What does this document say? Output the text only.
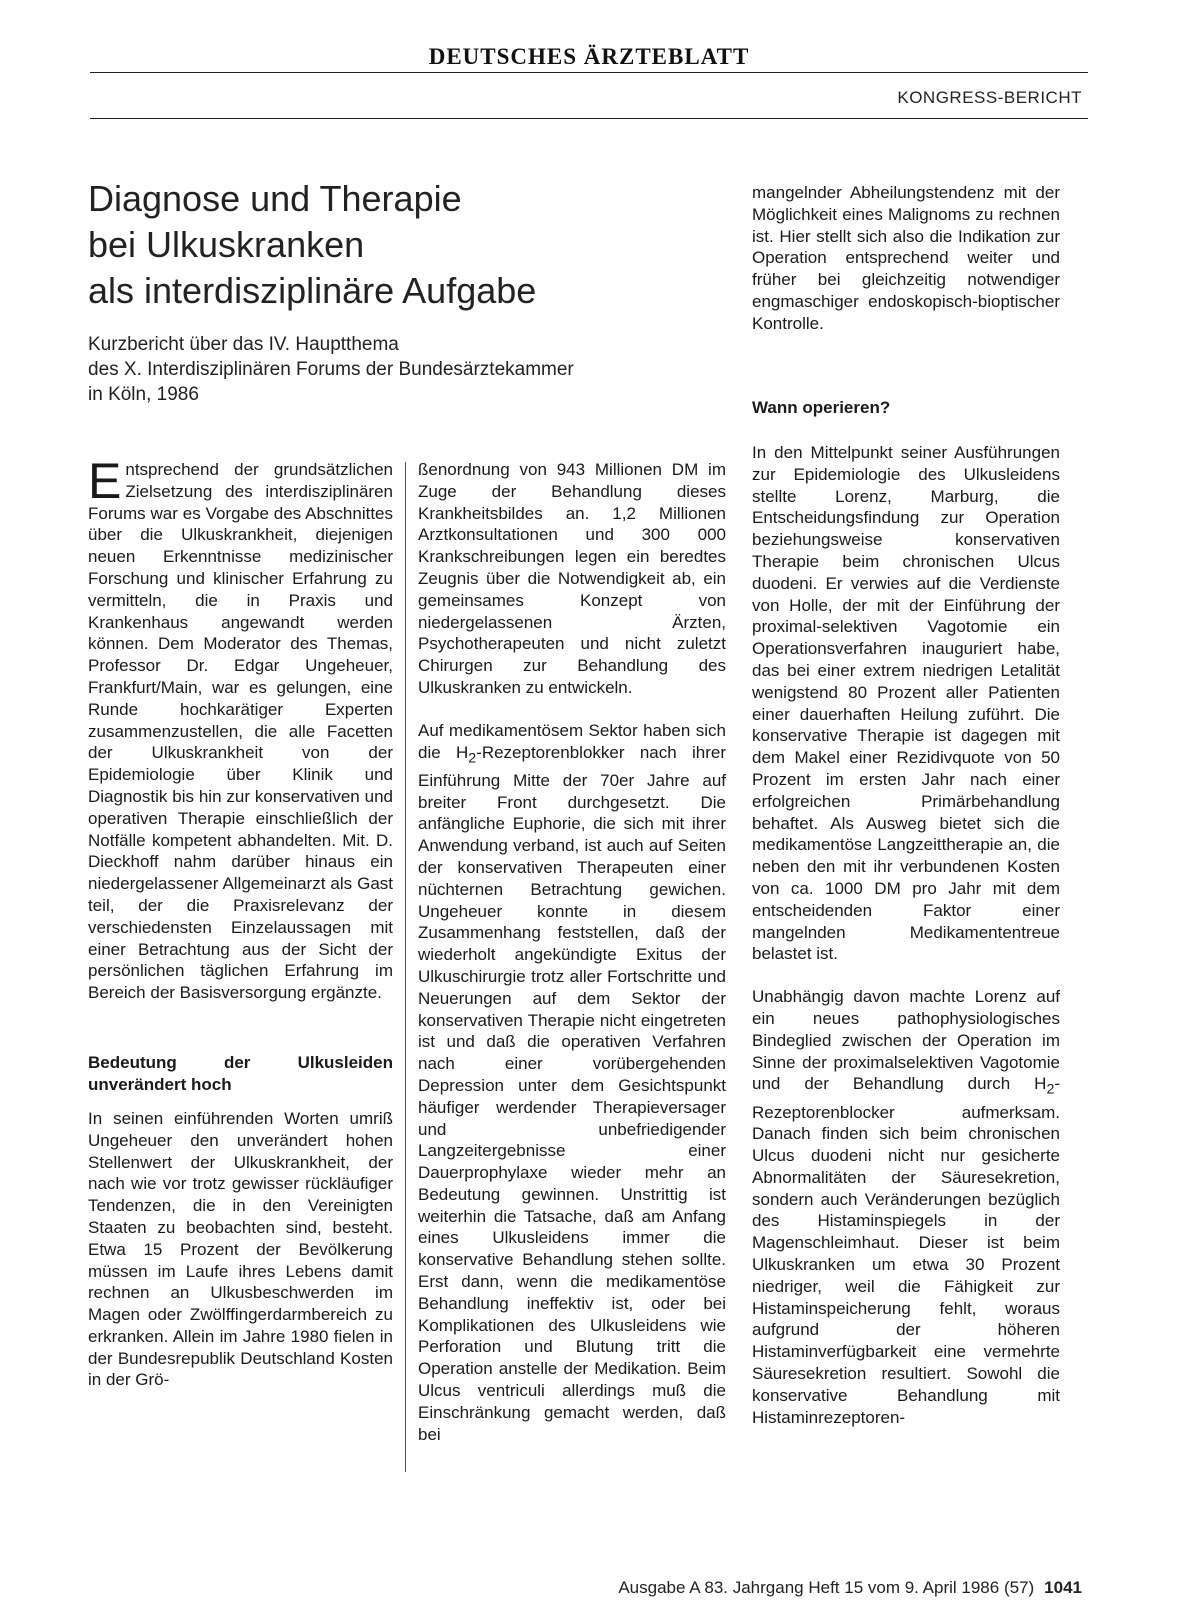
DEUTSCHES ÄRZTEBLATT
KONGRESS-BERICHT
Diagnose und Therapie
bei Ulkuskranken
als interdisziplinäre Aufgabe
Kurzbericht über das IV. Hauptthema
des X. Interdisziplinären Forums der Bundesärztekammer
in Köln, 1986

Entsprechend der grundsätzlichen Zielsetzung des interdisziplinären Forums war es Vorgabe des Abschnittes über die Ulkuskrankheit, diejenigen neuen Erkenntnisse medizinischer Forschung und klinischer Erfahrung zu vermitteln, die in Praxis und Krankenhaus angewandt werden können. Dem Moderator des Themas, Professor Dr. Edgar Ungeheuer, Frankfurt/Main, war es gelungen, eine Runde hochkarätiger Experten zusammenzustellen, die alle Facetten der Ulkuskrankheit von der Epidemiologie über Klinik und Diagnostik bis hin zur konservativen und operativen Therapie einschließlich der Notfälle kompetent abhandelten. Mit. D. Dieckhoff nahm darüber hinaus ein niedergelassener Allgemeinarzt als Gast teil, der die Praxisrelevanz der verschiedensten Einzelaussagen mit einer Betrachtung aus der Sicht der persönlichen täglichen Erfahrung im Bereich der Basisversorgung ergänzte.

Bedeutung der Ulkusleiden unverändert hoch

In seinen einführenden Worten umriß Ungeheuer den unverändert hohen Stellenwert der Ulkuskrankheit, der nach wie vor trotz gewisser rückläufiger Tendenzen, die in den Vereinigten Staaten zu beobachten sind, besteht. Etwa 15 Prozent der Bevölkerung müssen im Laufe ihres Lebens damit rechnen an Ulkusbeschwerden im Magen oder Zwölffingerdarmbereich zu erkranken. Allein im Jahre 1980 fielen in der Bundesrepublik Deutschland Kosten in der Grö-

ßenordnung von 943 Millionen DM im Zuge der Behandlung dieses Krankheitsbildes an. 1,2 Millionen Arztkonsultationen und 300 000 Krankschreibungen legen ein beredtes Zeugnis über die Notwendigkeit ab, ein gemeinsames Konzept von niedergelassenen Ärzten, Psychotherapeuten und nicht zuletzt Chirurgen zur Behandlung des Ulkuskranken zu entwickeln.

Auf medikamentösem Sektor haben sich die $H_2$-Rezeptorenblokker nach ihrer Einführung Mitte der 70er Jahre auf breiter Front durchgesetzt. Die anfängliche Euphorie, die sich mit ihrer Anwendung verband, ist auch auf Seiten der konservativen Therapeuten einer nüchternen Betrachtung gewichen. Ungeheuer konnte in diesem Zusammenhang feststellen, daß der wiederholt angekündigte Exitus der Ulkuschirurgie trotz aller Fortschritte und Neuerungen auf dem Sektor der konservativen Therapie nicht eingetreten ist und daß die operativen Verfahren nach einer vorübergehenden Depression unter dem Gesichtspunkt häufiger werdender Therapieversager und unbefriedigender Langzeitergebnisse einer Dauerprophylaxe wieder mehr an Bedeutung gewinnen. Unstrittig ist weiterhin die Tatsache, daß am Anfang eines Ulkusleidens immer die konservative Behandlung stehen sollte. Erst dann, wenn die medikamentöse Behandlung ineffektiv ist, oder bei Komplikationen des Ulkusleidens wie Perforation und Blutung tritt die Operation anstelle der Medikation. Beim Ulcus ventriculi allerdings muß die Einschränkung gemacht werden, daß bei

mangelnder Abheilungstendenz mit der Möglichkeit eines Malignoms zu rechnen ist. Hier stellt sich also die Indikation zur Operation entsprechend weiter und früher bei gleichzeitig notwendiger engmaschiger endoskopisch-bioptischer Kontrolle.

Wann operieren?

In den Mittelpunkt seiner Ausführungen zur Epidemiologie des Ulkusleidens stellte Lorenz, Marburg, die Entscheidungsfindung zur Operation beziehungsweise konservativen Therapie beim chronischen Ulcus duodeni. Er verwies auf die Verdienste von Holle, der mit der Einführung der proximal-selektiven Vagotomie ein Operationsverfahren inauguriert habe, das bei einer extrem niedrigen Letalität wenigstend 80 Prozent aller Patienten einer dauerhaften Heilung zuführt. Die konservative Therapie ist dagegen mit dem Makel einer Rezidivquote von 50 Prozent im ersten Jahr nach einer erfolgreichen Primärbehandlung behaftet. Als Ausweg bietet sich die medikamentöse Langzeittherapie an, die neben den mit ihr verbundenen Kosten von ca. 1000 DM pro Jahr mit dem entscheidenden Faktor einer mangelnden Medikamententreue belastet ist.

Unabhängig davon machte Lorenz auf ein neues pathophysiologisches Bindeglied zwischen der Operation im Sinne der proximalselektiven Vagotomie und der Behandlung durch $H_2$-Rezeptorenblocker aufmerksam. Danach finden sich beim chronischen Ulcus duodeni nicht nur gesicherte Abnormalitäten der Säuresekretion, sondern auch Veränderungen bezüglich des Histaminspiegels in der Magenschleimhaut. Dieser ist beim Ulkuskranken um etwa 30 Prozent niedriger, weil die Fähigkeit zur Histaminspeicherung fehlt, woraus aufgrund der höheren Histaminverfügbarkeit eine vermehrte Säuresekretion resultiert. Sowohl die konservative Behandlung mit Histaminrezeptoren-

Ausgabe A 83. Jahrgang Heft 15 vom 9. April 1986 (57) 1041
